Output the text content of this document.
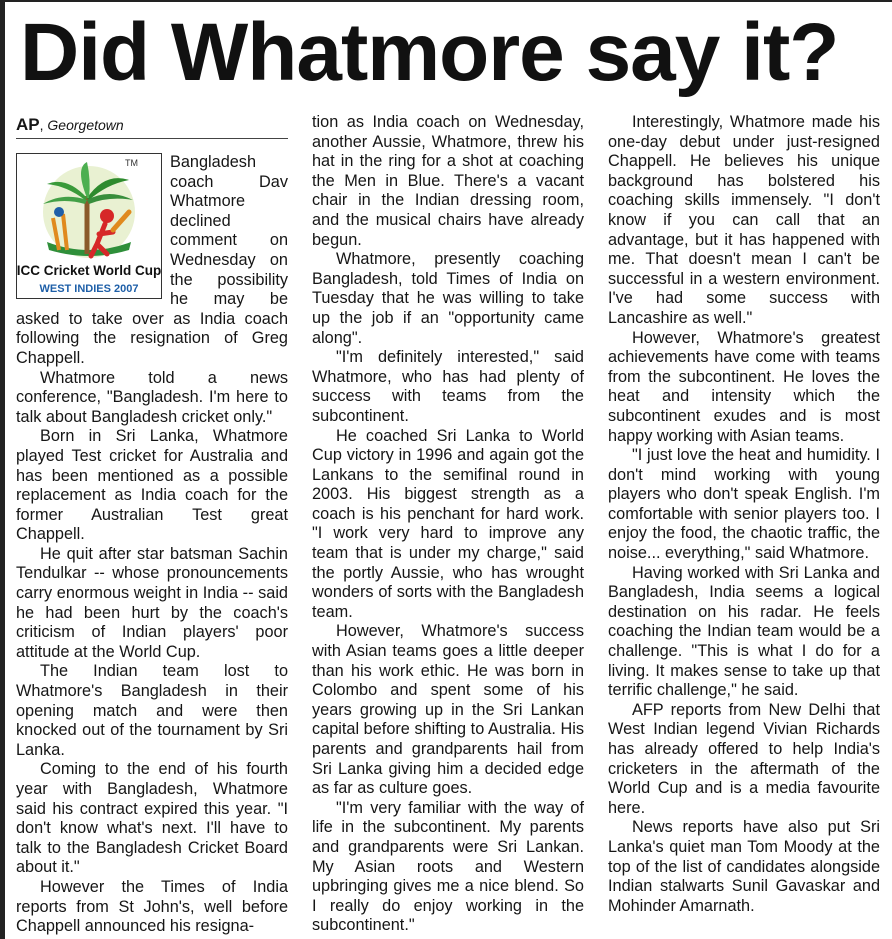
Did Whatmore say it?
AP, Georgetown
TM
ICC Cricket World Cup
WEST INDIES 2007

Bangladesh coach Dav Whatmore declined comment on Wednesday on the possibility he may be asked to take over as India coach following the resignation of Greg Chappell.

Whatmore told a news conference, "Bangladesh. I'm here to talk about Bangladesh cricket only."

Born in Sri Lanka, Whatmore played Test cricket for Australia and has been mentioned as a possible replacement as India coach for the former Australian Test great Chappell.

He quit after star batsman Sachin Tendulkar -- whose pronouncements carry enormous weight in India -- said he had been hurt by the coach's criticism of Indian players' poor attitude at the World Cup.

The Indian team lost to Whatmore's Bangladesh in their opening match and were then knocked out of the tournament by Sri Lanka.

Coming to the end of his fourth year with Bangladesh, Whatmore said his contract expired this year. "I don't know what's next. I'll have to talk to the Bangladesh Cricket Board about it."

However the Times of India reports from St John's, well before Chappell announced his resigna-

tion as India coach on Wednesday, another Aussie, Whatmore, threw his hat in the ring for a shot at coaching the Men in Blue. There's a vacant chair in the Indian dressing room, and the musical chairs have already begun.

Whatmore, presently coaching Bangladesh, told Times of India on Tuesday that he was willing to take up the job if an "opportunity came along".

"I'm definitely interested," said Whatmore, who has had plenty of success with teams from the subcontinent.

He coached Sri Lanka to World Cup victory in 1996 and again got the Lankans to the semifinal round in 2003. His biggest strength as a coach is his penchant for hard work. "I work very hard to improve any team that is under my charge," said the portly Aussie, who has wrought wonders of sorts with the Bangladesh team.

However, Whatmore's success with Asian teams goes a little deeper than his work ethic. He was born in Colombo and spent some of his years growing up in the Sri Lankan capital before shifting to Australia. His parents and grandparents hail from Sri Lanka giving him a decided edge as far as culture goes.

"I'm very familiar with the way of life in the subcontinent. My parents and grandparents were Sri Lankan. My Asian roots and Western upbringing gives me a nice blend. So I really do enjoy working in the subcontinent."

Interestingly, Whatmore made his one-day debut under just-resigned Chappell. He believes his unique background has bolstered his coaching skills immensely. "I don't know if you can call that an advantage, but it has happened with me. That doesn't mean I can't be successful in a western environment. I've had some success with Lancashire as well."

However, Whatmore's greatest achievements have come with teams from the subcontinent. He loves the heat and intensity which the subcontinent exudes and is most happy working with Asian teams.

"I just love the heat and humidity. I don't mind working with young players who don't speak English. I'm comfortable with senior players too. I enjoy the food, the chaotic traffic, the noise... everything," said Whatmore.

Having worked with Sri Lanka and Bangladesh, India seems a logical destination on his radar. He feels coaching the Indian team would be a challenge. "This is what I do for a living. It makes sense to take up that terrific challenge," he said.

AFP reports from New Delhi that West Indian legend Vivian Richards has already offered to help India's cricketers in the aftermath of the World Cup and is a media favourite here.

News reports have also put Sri Lanka's quiet man Tom Moody at the top of the list of candidates alongside Indian stalwarts Sunil Gavaskar and Mohinder Amarnath.
